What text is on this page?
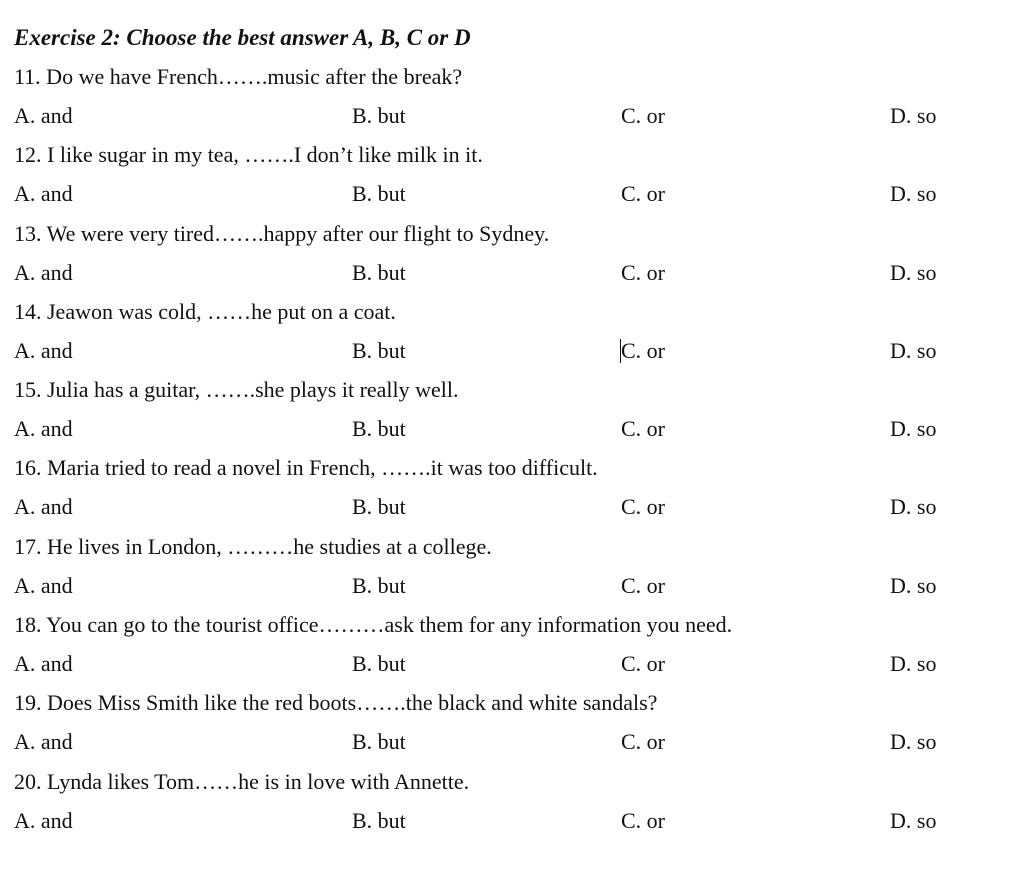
Exercise 2: Choose the best answer A, B, C or D
11. Do we have French…….music after the break?
A. and	B. but	C. or	D. so
12. I like sugar in my tea, …….I don’t like milk in it.
A. and	B. but	C. or	D. so
13. We were very tired…….happy after our flight to Sydney.
A. and	B. but	C. or	D. so
14. Jeawon was cold, ……he put on a coat.
A. and	B. but	C. or	D. so
15. Julia has a guitar, …….she plays it really well.
A. and	B. but	C. or	D. so
16. Maria tried to read a novel in French, …….it was too difficult.
A. and	B. but	C. or	D. so
17. He lives in London, ………he studies at a college.
A. and	B. but	C. or	D. so
18. You can go to the tourist office………ask them for any information you need.
A. and	B. but	C. or	D. so
19. Does Miss Smith like the red boots…….the black and white sandals?
A. and	B. but	C. or	D. so
20. Lynda likes Tom……he is in love with Annette.
A. and	B. but	C. or	D. so
